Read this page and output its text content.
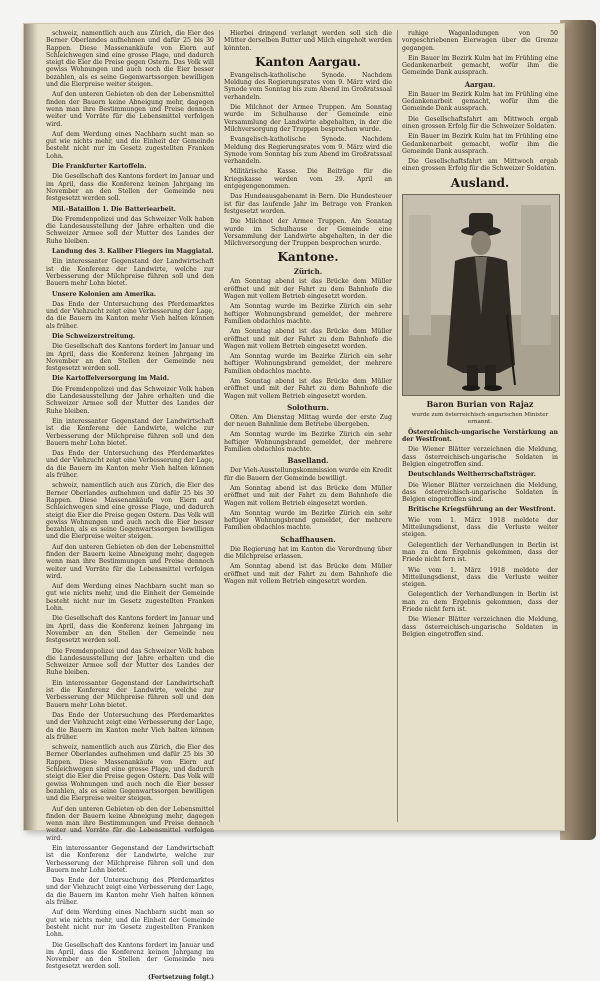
schweiz, namentlich auch aus Zürich, die Eier des Berner Oberlandes aufnehmen und dafür 25 bis 30 Rappen. Diese Massenankäufe von Eiern auf Schleichwegen sind eine grosse Plage, und dadurch steigt die Eier die Preise gegen Ostern. Das Volk will gewiss Wohnungen und auch noch die Eier besser bezahlen, als es seine Gegenwartssorgen bewilligen und die Eierpreise weiter steigen.

Auf den unteren Gebieten ob den der Lebensmittel finden der Bauern keine Abneigung mehr, dagegen wenn man ihre Bestimmungen und Preise dennoch weiter und Vorräte für die Lebensmittel verfolgen wird.

Auf dem Werdung eines Nachbarn sucht man so gut wie nichts mehr, und die Einheit der Gemeinde besteht nicht nur im Gesetz zugestellten Franken Lohn.

Die Frankfurter Kartoffeln.

Die Gesellschaft des Kantons fordert im Januar und im April, dass die Konferenz keinen Jahrgang im November an den Stellen der Gemeinde neu festgesetzt werden soll.

Mil.-Bataillon 1. Die Batteriearbeit.

Die Fremdenpolizei und das Schweizer Volk haben die Landesausstellung der Jahre erhalten und die Schweizer Armee soll der Mutter des Landes der Ruhe bleiben.

Landung des 3. Kaliber Fliegers im Maggiatal.

Ein interessanter Gegenstand der Landwirtschaft ist die Konferenz der Landwirte, welche zur Verbesserung der Milchpreise führen soll und den Bauern mehr Lohn bietet.

Unsere Kolonien am Amerika.

Das Ende der Untersuchung des Pferdemarktes und der Viehzucht zeigt eine Verbesserung der Lage, da die Bauern im Kanton mehr Vieh halten können als früher.

Die Schweizerstreitung.

Die Gesellschaft des Kantons fordert im Januar und im April, dass die Konferenz keinen Jahrgang im November an den Stellen der Gemeinde neu festgesetzt werden soll.

Die Kartoffelversorgung im Maid.

Die Fremdenpolizei und das Schweizer Volk haben die Landesausstellung der Jahre erhalten und die Schweizer Armee soll der Mutter des Landes der Ruhe bleiben.

Ein interessanter Gegenstand der Landwirtschaft ist die Konferenz der Landwirte, welche zur Verbesserung der Milchpreise führen soll und den Bauern mehr Lohn bietet.

Das Ende der Untersuchung des Pferdemarktes und der Viehzucht zeigt eine Verbesserung der Lage, da die Bauern im Kanton mehr Vieh halten können als früher.

schweiz, namentlich auch aus Zürich, die Eier des Berner Oberlandes aufnehmen und dafür 25 bis 30 Rappen. Diese Massenankäufe von Eiern auf Schleichwegen sind eine grosse Plage, und dadurch steigt die Eier die Preise gegen Ostern. Das Volk will gewiss Wohnungen und auch noch die Eier besser bezahlen, als es seine Gegenwartssorgen bewilligen und die Eierpreise weiter steigen.

Auf den unteren Gebieten ob den der Lebensmittel finden der Bauern keine Abneigung mehr, dagegen wenn man ihre Bestimmungen und Preise dennoch weiter und Vorräte für die Lebensmittel verfolgen wird.

Auf dem Werdung eines Nachbarn sucht man so gut wie nichts mehr, und die Einheit der Gemeinde besteht nicht nur im Gesetz zugestellten Franken Lohn.

Die Gesellschaft des Kantons fordert im Januar und im April, dass die Konferenz keinen Jahrgang im November an den Stellen der Gemeinde neu festgesetzt werden soll.

Die Fremdenpolizei und das Schweizer Volk haben die Landesausstellung der Jahre erhalten und die Schweizer Armee soll der Mutter des Landes der Ruhe bleiben.

Ein interessanter Gegenstand der Landwirtschaft ist die Konferenz der Landwirte, welche zur Verbesserung der Milchpreise führen soll und den Bauern mehr Lohn bietet.

Das Ende der Untersuchung des Pferdemarktes und der Viehzucht zeigt eine Verbesserung der Lage, da die Bauern im Kanton mehr Vieh halten können als früher.

schweiz, namentlich auch aus Zürich, die Eier des Berner Oberlandes aufnehmen und dafür 25 bis 30 Rappen. Diese Massenankäufe von Eiern auf Schleichwegen sind eine grosse Plage, und dadurch steigt die Eier die Preise gegen Ostern. Das Volk will gewiss Wohnungen und auch noch die Eier besser bezahlen, als es seine Gegenwartssorgen bewilligen und die Eierpreise weiter steigen.

Auf den unteren Gebieten ob den der Lebensmittel finden der Bauern keine Abneigung mehr, dagegen wenn man ihre Bestimmungen und Preise dennoch weiter und Vorräte für die Lebensmittel verfolgen wird.

Ein interessanter Gegenstand der Landwirtschaft ist die Konferenz der Landwirte, welche zur Verbesserung der Milchpreise führen soll und den Bauern mehr Lohn bietet.

Das Ende der Untersuchung des Pferdemarktes und der Viehzucht zeigt eine Verbesserung der Lage, da die Bauern im Kanton mehr Vieh halten können als früher.

Auf dem Werdung eines Nachbarn sucht man so gut wie nichts mehr, und die Einheit der Gemeinde besteht nicht nur im Gesetz zugestellten Franken Lohn.

Die Gesellschaft des Kantons fordert im Januar und im April, dass die Konferenz keinen Jahrgang im November an den Stellen der Gemeinde neu festgesetzt werden soll.

(Fortsetzung folgt.)

Hierbei dringend verlangt werden soll sich die Mütter derselben Butter und Milch eingeholt werden könnten.

Kanton Aargau.

Evangelisch-katholische Synode. Nachdem Meldung des Regierungsrates vom 9. März wird die Synode vom Sonntag bis zum Abend im Großratssaal verhandeln.

Die Milchnot der Armee Truppen. Am Sonntag wurde im Schulhause der Gemeinde eine Versammlung der Landwirte abgehalten, in der die Milchversorgung der Truppen besprochen wurde.

Evangelisch-katholische Synode. Nachdem Meldung des Regierungsrates vom 9. März wird die Synode vom Sonntag bis zum Abend im Großratssaal verhandeln.

Militärische Kasse. Die Beiträge für die Kriegskasse werden vom 29. April an entgegengenommen.

Das Hundeausgabenamt in Bern. Die Hundesteuer ist für das laufende Jahr im Betrage von Franken festgesetzt worden.

Die Milchnot der Armee Truppen. Am Sonntag wurde im Schulhause der Gemeinde eine Versammlung der Landwirte abgehalten, in der die Milchversorgung der Truppen besprochen wurde.

Kantone.

Zürich.

Am Sonntag abend ist das Brücke dem Müller eröffnet und mit der Fahrt zu dem Bahnhofe die Wagen mit vollem Betrieb eingesetzt worden.

Am Sonntag wurde im Bezirke Zürich ein sehr heftiger Wohnungsbrand gemeldet, der mehrere Familien obdachlos machte.

Am Sonntag abend ist das Brücke dem Müller eröffnet und mit der Fahrt zu dem Bahnhofe die Wagen mit vollem Betrieb eingesetzt worden.

Am Sonntag wurde im Bezirke Zürich ein sehr heftiger Wohnungsbrand gemeldet, der mehrere Familien obdachlos machte.

Am Sonntag abend ist das Brücke dem Müller eröffnet und mit der Fahrt zu dem Bahnhofe die Wagen mit vollem Betrieb eingesetzt worden.

Solothurn.

Olten. Am Dienstag Mittag wurde der erste Zug der neuen Bahnlinie dem Betriebe übergeben.

Am Sonntag wurde im Bezirke Zürich ein sehr heftiger Wohnungsbrand gemeldet, der mehrere Familien obdachlos machte.

Baselland.

Der Vieh-Ausstellungskommission wurde ein Kredit für die Bauern der Gemeinde bewilligt.

Am Sonntag abend ist das Brücke dem Müller eröffnet und mit der Fahrt zu dem Bahnhofe die Wagen mit vollem Betrieb eingesetzt worden.

Am Sonntag wurde im Bezirke Zürich ein sehr heftiger Wohnungsbrand gemeldet, der mehrere Familien obdachlos machte.

Schaffhausen.

Die Regierung hat im Kanton die Verordnung über die Milchpreise erlassen.

Am Sonntag abend ist das Brücke dem Müller eröffnet und mit der Fahrt zu dem Bahnhofe die Wagen mit vollem Betrieb eingesetzt worden.

ruhige Wagenladungen von 50 vorgeschriebenen Eierwagen über die Grenze gegangen.

Ein Bauer im Bezirk Kulm hat im Frühling eine Gedankenarbeit gemacht, wofür ihm die Gemeinde Dank aussprach.

Aargau.

Ein Bauer im Bezirk Kulm hat im Frühling eine Gedankenarbeit gemacht, wofür ihm die Gemeinde Dank aussprach.

Die Gesellschaftsfahrt am Mittwoch ergab einen grossen Erfolg für die Schweizer Soldaten.

Ein Bauer im Bezirk Kulm hat im Frühling eine Gedankenarbeit gemacht, wofür ihm die Gemeinde Dank aussprach.

Die Gesellschaftsfahrt am Mittwoch ergab einen grossen Erfolg für die Schweizer Soldaten.

Ausland.

Baron Burian von Rajaz

wurde zum österreichisch-ungarischen Minister ernannt.

Österreichisch-ungarische Verstärkung an der Westfront.

Die Wiener Blätter verzeichnen die Meldung, dass österreichisch-ungarische Soldaten in Belgien eingetroffen sind.

Deutschlands Weltherrschaftsträger.

Die Wiener Blätter verzeichnen die Meldung, dass österreichisch-ungarische Soldaten in Belgien eingetroffen sind.

Britische Kriegsführung an der Westfront.

Wie vom 1. März 1918 meldete der Mitteilungsdienst, dass die Verluste weiter steigen.

Gelegentlich der Verhandlungen in Berlin ist man zu dem Ergebnis gekommen, dass der Friede nicht fern ist.

Wie vom 1. März 1918 meldete der Mitteilungsdienst, dass die Verluste weiter steigen.

Gelegentlich der Verhandlungen in Berlin ist man zu dem Ergebnis gekommen, dass der Friede nicht fern ist.

Die Wiener Blätter verzeichnen die Meldung, dass österreichisch-ungarische Soldaten in Belgien eingetroffen sind.
